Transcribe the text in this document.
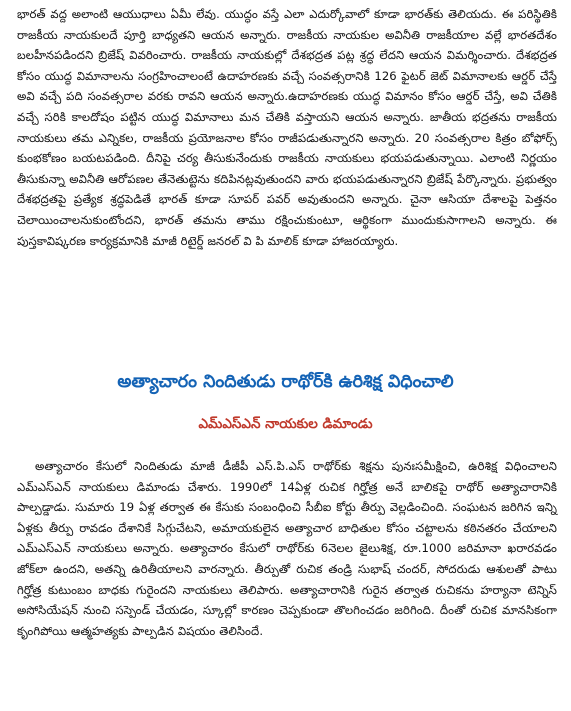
భారత్ వద్ద అలాంటి ఆయుధాలు ఏమీ లేవు. యుద్ధం వస్తే ఎలా ఎదుర్కోవాలో కూడా భారత్‌కు తెలియదు. ఈ పరిస్థితికి రాజకీయ నాయకులదే పూర్తి బాధ్యతని ఆయన అన్నారు. రాజకీయ నాయకుల అవినీతి రాజకీయాల వల్లే భారతదేశం బలహీనపడిందని బ్రిజేష్ వివరించారు. రాజకీయ నాయకుల్లో దేశభద్రత పట్ల శ్రద్ధ లేదని ఆయన విమర్శించారు. దేశభద్రత కోసం యుద్ధ విమానాలను సంగ్రహించాలంటే ఉదాహరణకు వచ్చే సంవత్సరానికి 126 ఫైటర్ జెట్ విమానాలకు ఆర్డర్ చేస్తే అవి వచ్చే పది సంవత్సరాల వరకు రావని ఆయన అన్నారు.ఉదాహరణకు యుద్ధ విమానం కోసం ఆర్డర్ చేస్తే, అవి చేతికి వచ్చే సరికి కాలదోషం పట్టిన యుద్ధ విమానాలు మన చేతికి వస్తాయని ఆయన అన్నారు. జాతీయ భద్రతను రాజకీయ నాయకులు తమ ఎన్నికల, రాజకీయ ప్రయోజనాల కోసం రాజీపడుతున్నారని అన్నారు. 20 సంవత్సరాల కిత్రం బోఫోర్స్ కుంభకోణం బయటపడింది. దీనిపై చర్య తీసుకునేందుకు రాజకీయ నాయకులు భయపడుతున్నాయి. ఎలాంటి నిర్ణయం తీసుకున్నా అవినీతి ఆరోపణల తేనెతుట్టెను కదిపినట్లవుతుందని వారు భయపడుతున్నారని బ్రిజేష్ పేర్కొన్నారు. ప్రభుత్వం దేశభద్రతపై ప్రత్యేక శ్రద్ధపెడితే భారత్ కూడా సూపర్ పవర్ అవుతుందని అన్నారు. చైనా ఆసియా దేశాలపై పెత్తనం చెలాయించాలనుకుంటోందని, భారత్ తమను తాము రక్షించుకుంటూ, ఆర్థికంగా ముందుకుసాగాలని అన్నారు. ఈ పుస్తకావిష్కరణ కార్యక్రమానికి మాజీ రిటైర్డ్ జనరల్ వి పి మాలిక్ కూడా హాజరయ్యారు.

అత్యాచారం నిందితుడు రాథోర్‌కి ఉరిశిక్ష విధించాలి
ఎమ్ఎస్ఎన్ నాయకుల డిమాండు

అత్యాచారం కేసులో నిందితుడు మాజీ డీజీపీ ఎస్.పి.ఎస్ రాథోర్‌కు శిక్షను పునఃసమీక్షించి, ఉరిశిక్ష విధించాలని ఎమ్ఎస్ఎన్ నాయకులు డిమాండు చేశారు. 1990లో 14ఏళ్ల రుచిక గిర్హోత్ర అనే బాలికపై రాథోర్ అత్యాచారానికి పాల్పడ్డాడు. సుమారు 19 ఏళ్ల తర్వాత ఈ కేసుకు సంబంధించి సీబీఐ కోర్టు తీర్పు వెల్లడించింది. సంఘటన జరిగిన ఇన్ని ఏళ్లకు తీర్పు రావడం దేశానికే సిగ్గుచేటని, అమాయకులైన అత్యాచార బాధితుల కోసం చట్టాలను కఠినతరం చేయాలని ఎమ్ఎస్ఎన్ నాయకులు అన్నారు. అత్యాచారం కేసులో రాథోర్‌కు 6నెలల జైలుశిక్ష, రూ.1000 జరిమానా ఖరారవడం జోక్‌లా ఉందని, అతన్ని ఉరితీయాలని వారన్నారు. తీర్పుతో రుచిక తండ్రి సుభాష్ చందర్, సోదరుడు ఆశులతో పాటు గిర్హోత్ర కుటుంబం బాధకు గురైందని నాయకులు తెలిపారు. అత్యాచారానికి గురైన తర్వాత రుచికను హర్యానా టెన్నిస్ అసోసియేషన్ నుంచి సస్పెండ్ చేయడం, స్కూల్లో కారణం చెప్పకుండా తొలగించడం జరిగింది. దీంతో రుచిక మానసికంగా కృంగిపోయి ఆత్మహత్యకు పాల్పడిన విషయం తెలిసిందే.
